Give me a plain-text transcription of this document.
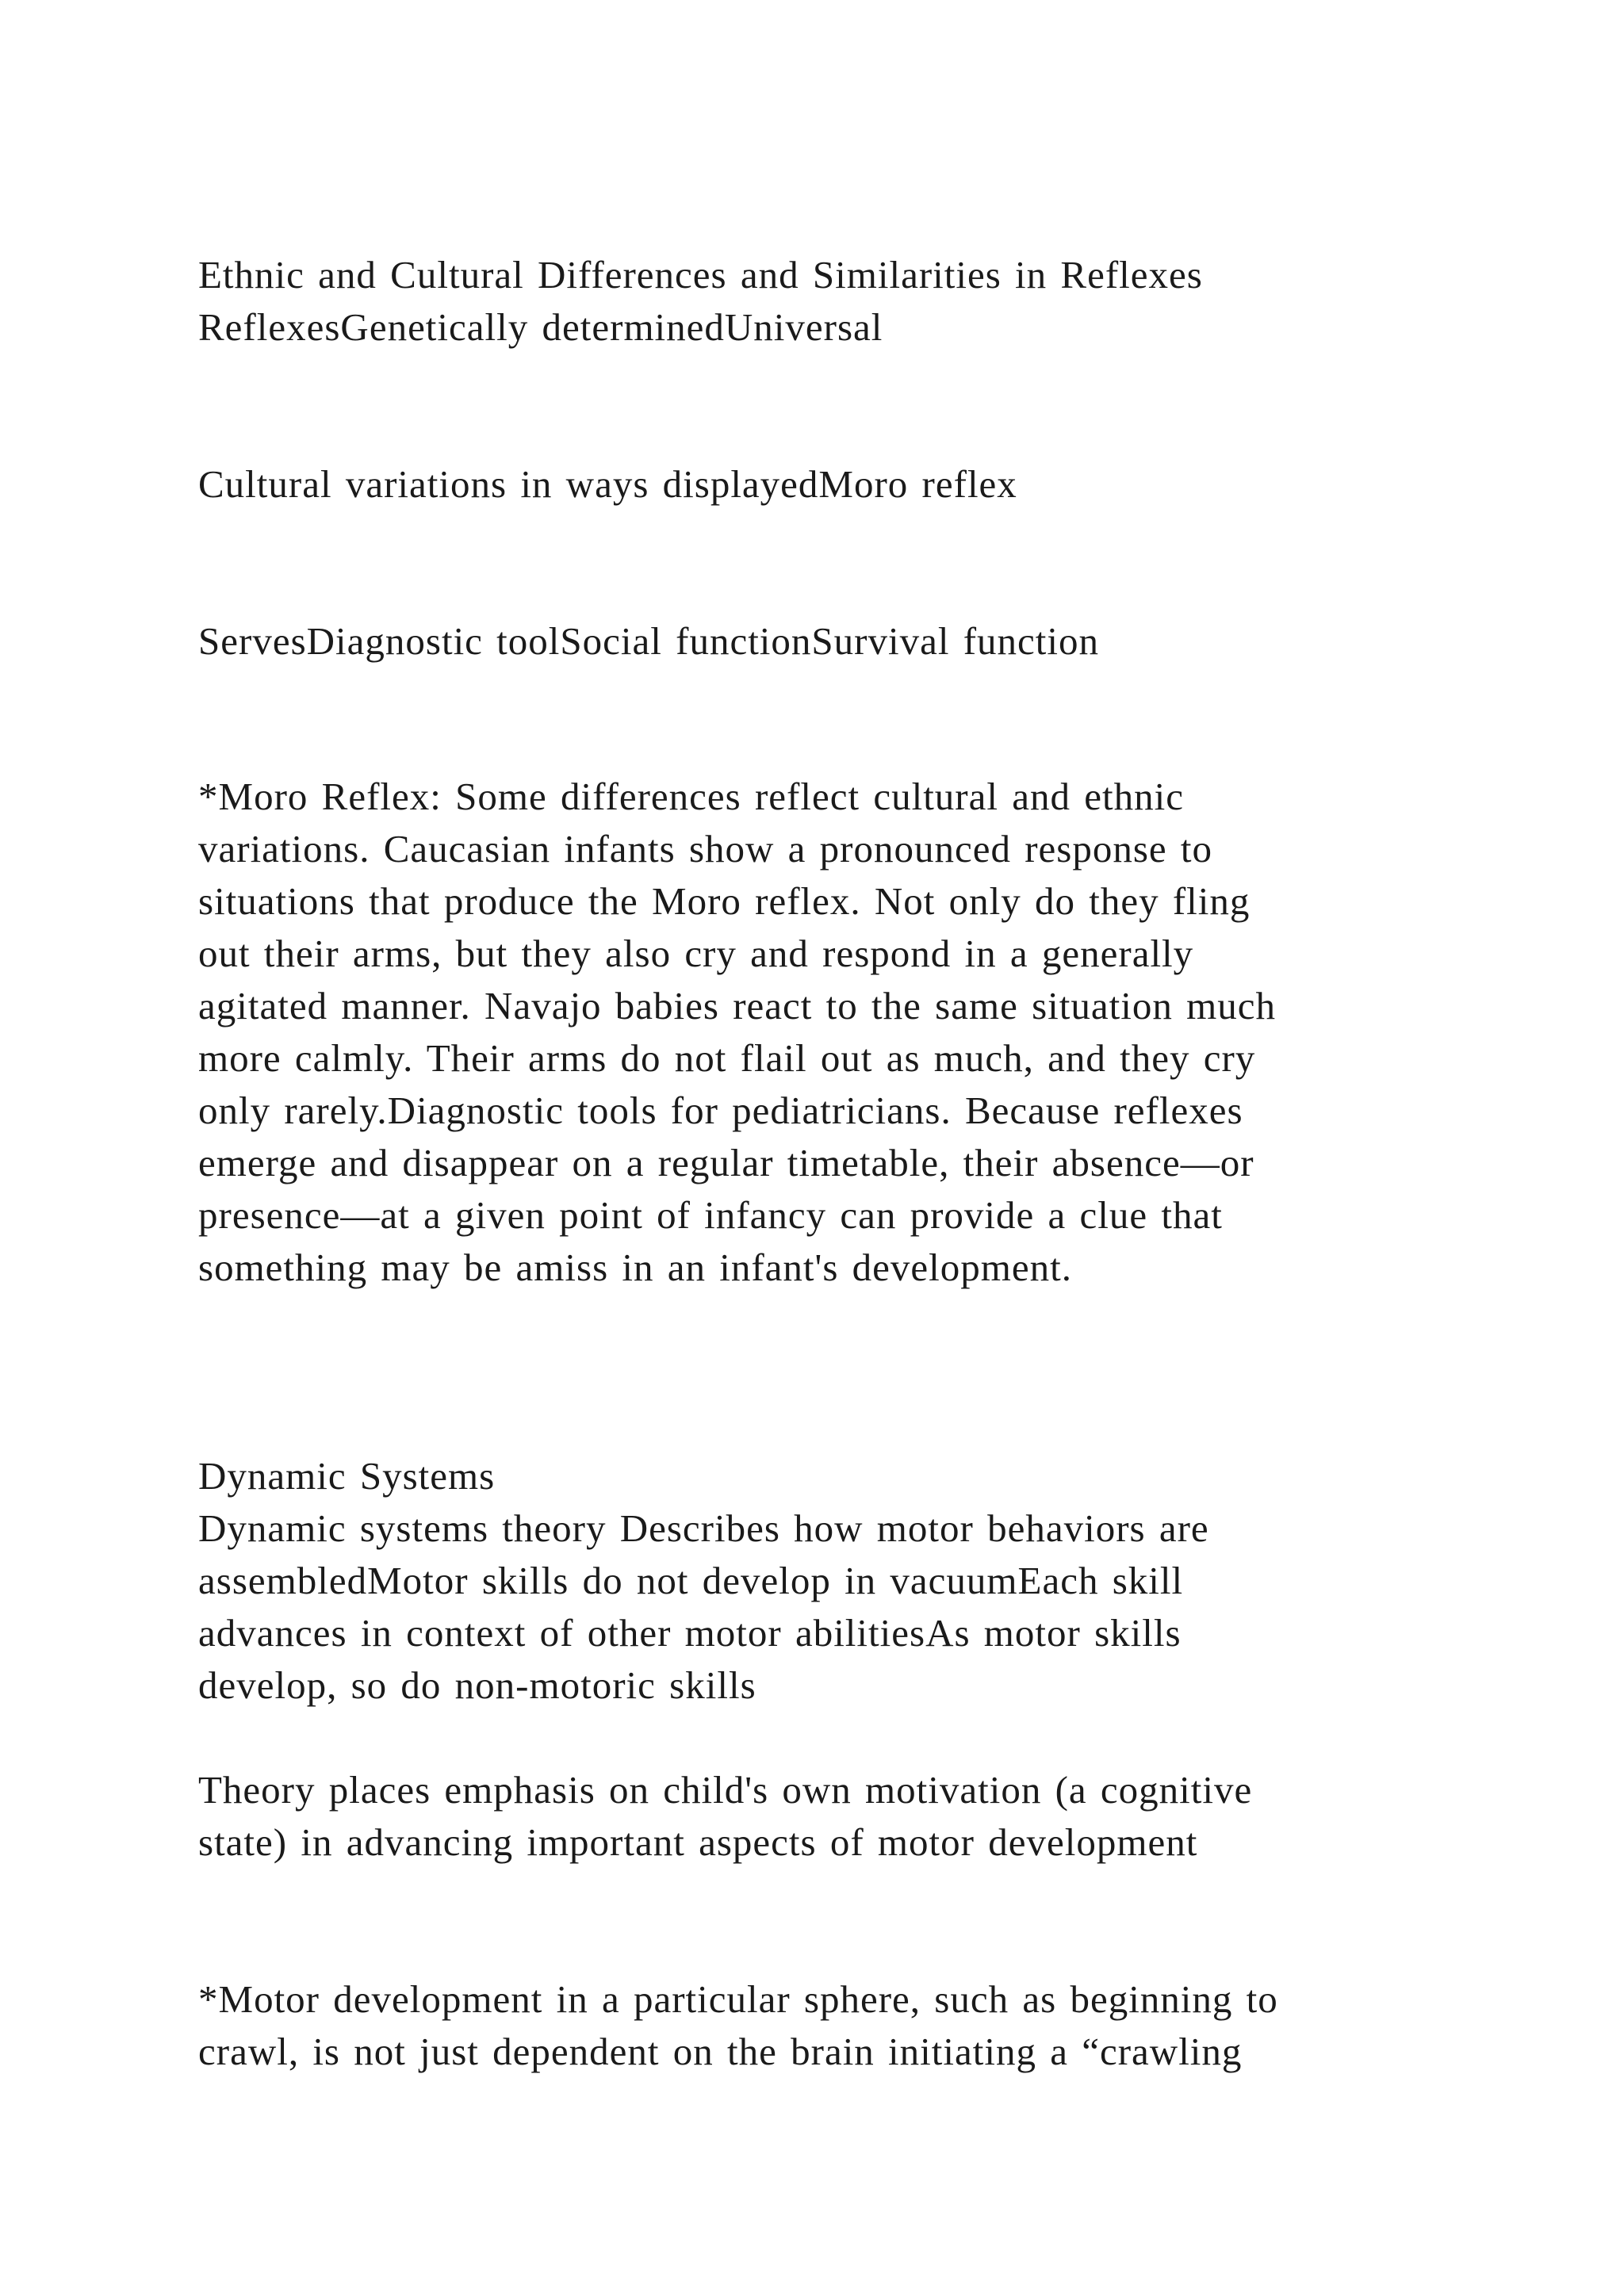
Ethnic and Cultural Differences and Similarities in Reflexes
ReflexesGenetically determinedUniversal
Cultural variations in ways displayedMoro reflex
ServesDiagnostic toolSocial functionSurvival function
*Moro Reflex: Some differences reflect cultural and ethnic
variations. Caucasian infants show a pronounced response to
situations that produce the Moro reflex. Not only do they fling
out their arms, but they also cry and respond in a generally
agitated manner. Navajo babies react to the same situation much
more calmly. Their arms do not flail out as much, and they cry
only rarely.Diagnostic tools for pediatricians. Because reflexes
emerge and disappear on a regular timetable, their absence—or
presence—at a given point of infancy can provide a clue that
something may be amiss in an infant's development.
Dynamic Systems
Dynamic systems theory Describes how motor behaviors are
assembledMotor skills do not develop in vacuumEach skill
advances in context of other motor abilitiesAs motor skills
develop, so do non-motoric skills
Theory places emphasis on child's own motivation (a cognitive
state) in advancing important aspects of motor development
*Motor development in a particular sphere, such as beginning to
crawl, is not just dependent on the brain initiating a “crawling
